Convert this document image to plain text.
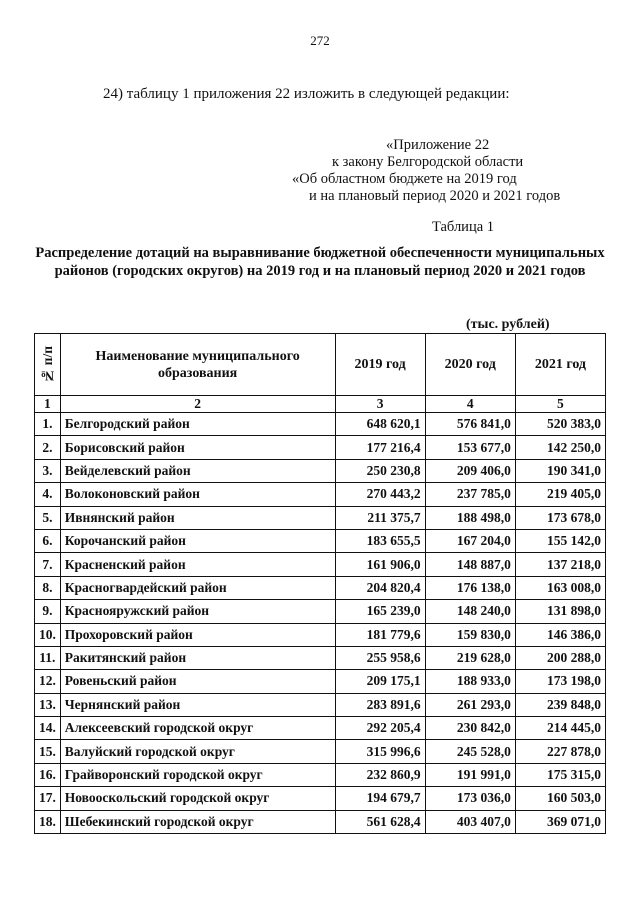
272
24) таблицу 1 приложения 22 изложить в следующей редакции:
«Приложение 22
к закону Белгородской области
«Об областном бюджете на 2019 год
и на плановый период 2020 и 2021 годов
Таблица 1
Распределение дотаций на выравнивание бюджетной обеспеченности муниципальных районов (городских округов) на 2019 год и на плановый период 2020 и 2021 годов
(тыс. рублей)
№ п/п	Наименование муниципального образования	2019 год	2020 год	2021 год
1	2	3	4	5
1.	Белгородский район	648 620,1	576 841,0	520 383,0
2.	Борисовский район	177 216,4	153 677,0	142 250,0
3.	Вейделевский район	250 230,8	209 406,0	190 341,0
4.	Волоконовский район	270 443,2	237 785,0	219 405,0
5.	Ивнянский район	211 375,7	188 498,0	173 678,0
6.	Корочанский район	183 655,5	167 204,0	155 142,0
7.	Красненский район	161 906,0	148 887,0	137 218,0
8.	Красногвардейский район	204 820,4	176 138,0	163 008,0
9.	Краснояружский район	165 239,0	148 240,0	131 898,0
10.	Прохоровский район	181 779,6	159 830,0	146 386,0
11.	Ракитянский район	255 958,6	219 628,0	200 288,0
12.	Ровеньский район	209 175,1	188 933,0	173 198,0
13.	Чернянский район	283 891,6	261 293,0	239 848,0
14.	Алексеевский городской округ	292 205,4	230 842,0	214 445,0
15.	Валуйский городской округ	315 996,6	245 528,0	227 878,0
16.	Грайворонский городской округ	232 860,9	191 991,0	175 315,0
17.	Новооскольский городской округ	194 679,7	173 036,0	160 503,0
18.	Шебекинский городской округ	561 628,4	403 407,0	369 071,0
